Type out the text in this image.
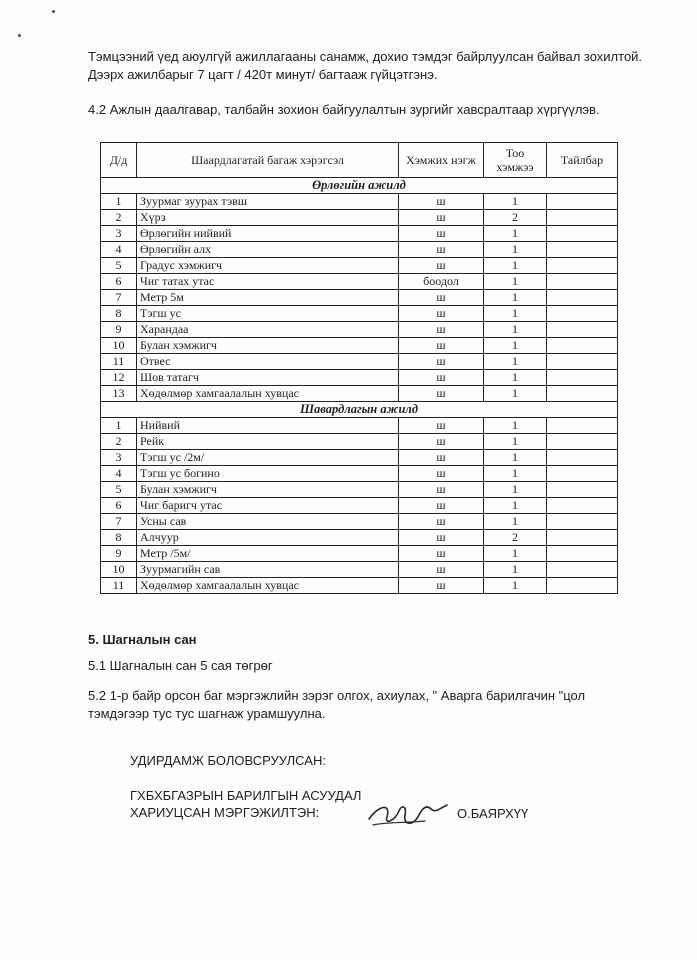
Тэмцээний үед аюулгүй ажиллагааны санамж, дохио тэмдэг байрлуулсан байвал зохилтой. Дээрх ажилбарыг 7 цагт / 420т минут/ багтааж гүйцэтгэнэ.
4.2 Ажлын даалгавар, талбайн зохион байгуулалтын зургийг хавсралтаар хүргүүлэв.
Д/д	Шаардлагатай багаж хэрэгсэл	Хэмжих нэгж	Тоо хэмжээ	Тайлбар
Өрлөгийн ажилд				
1	Зуурмаг зуурах тэвш	ш	1	
2	Хүрз	ш	2	
3	Өрлөгийн нийвий	ш	1	
4	Өрлөгийн алх	ш	1	
5	Градус хэмжигч	ш	1	
6	Чиг татах утас	боодол	1	
7	Метр 5м	ш	1	
8	Тэгш ус	ш	1	
9	Харандаа	ш	1	
10	Булан хэмжигч	ш	1	
11	Отвес	ш	1	
12	Шов татагч	ш	1	
13	Хөдөлмөр хамгаалалын хувцас	ш	1	
Шавардлагын ажилд				
1	Нийвий	ш	1	
2	Рейк	ш	1	
3	Тэгш ус /2м/	ш	1	
4	Тэгш ус богино	ш	1	
5	Булан хэмжигч	ш	1	
6	Чиг баригч утас	ш	1	
7	Усны сав	ш	1	
8	Алчуур	ш	2	
9	Метр /5м/	ш	1	
10	Зуурмагийн сав	ш	1	
11	Хөдөлмөр хамгаалалын хувцас	ш	1	
5. Шагналын сан
5.1 Шагналын сан 5 сая төгрөг
5.2 1-р байр орсон баг мэргэжлийн зэрэг олгох, ахиулах, " Аварга барилгачин "цол тэмдэгээр тус тус шагнаж урамшуулна.
УДИРДАМЖ БОЛОВСРУУЛСАН:
ГХБХБГАЗРЫН БАРИЛГЫН АСУУДАЛ
ХАРИУЦСАН МЭРГЭЖИЛТЭН:	О.БАЯРХҮҮ
